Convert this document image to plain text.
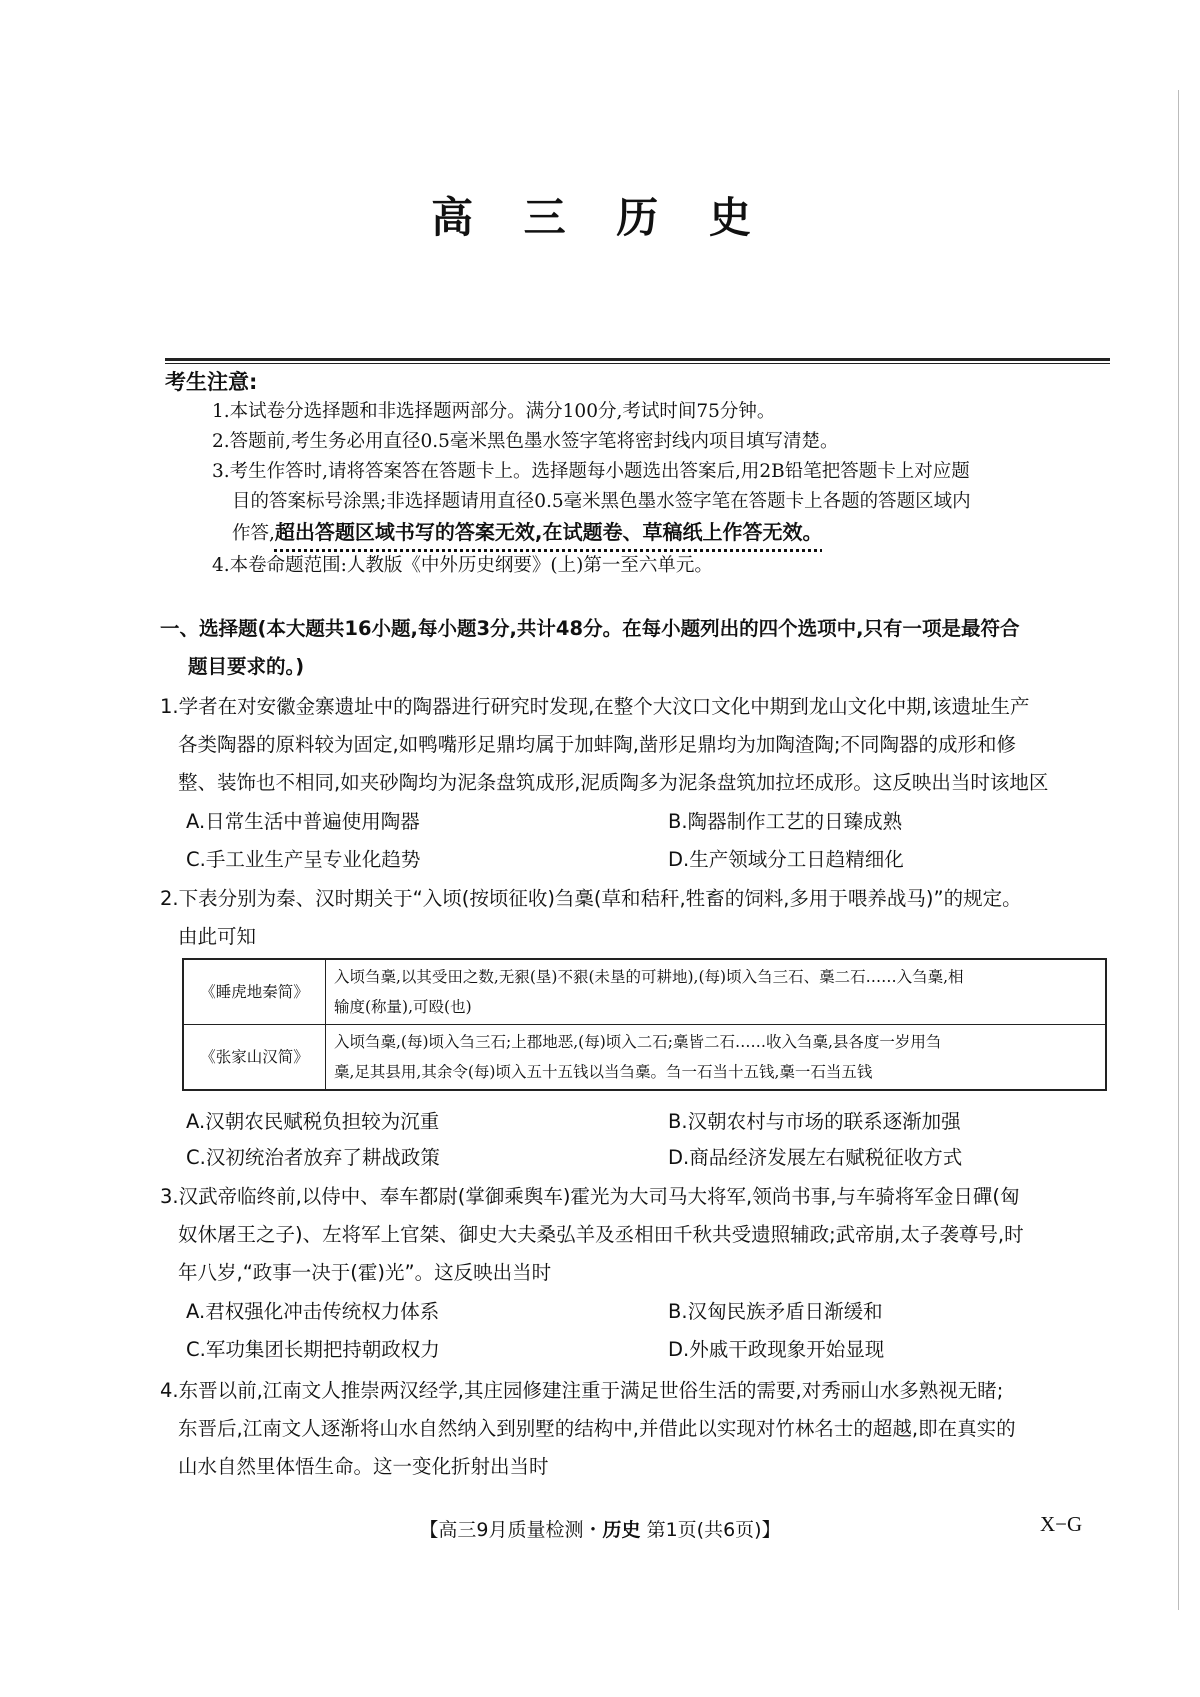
高 三 历 史
考生注意:
1.本试卷分选择题和非选择题两部分。满分100分,考试时间75分钟。
2.答题前,考生务必用直径0.5毫米黑色墨水签字笔将密封线内项目填写清楚。
3.考生作答时,请将答案答在答题卡上。选择题每小题选出答案后,用2B铅笔把答题卡上对应题
目的答案标号涂黑;非选择题请用直径0.5毫米黑色墨水签字笔在答题卡上各题的答题区域内
作答,超出答题区域书写的答案无效,在试题卷、草稿纸上作答无效。
4.本卷命题范围:人教版《中外历史纲要》(上)第一至六单元。
一、选择题(本大题共16小题,每小题3分,共计48分。在每小题列出的四个选项中,只有一项是最符合
题目要求的。)
1.学者在对安徽金寨遗址中的陶器进行研究时发现,在整个大汶口文化中期到龙山文化中期,该遗址生产
各类陶器的原料较为固定,如鸭嘴形足鼎均属于加蚌陶,凿形足鼎均为加陶渣陶;不同陶器的成形和修
整、装饰也不相同,如夹砂陶均为泥条盘筑成形,泥质陶多为泥条盘筑加拉坯成形。这反映出当时该地区
A.日常生活中普遍使用陶器	B.陶器制作工艺的日臻成熟
C.手工业生产呈专业化趋势	D.生产领域分工日趋精细化
2.下表分别为秦、汉时期关于“入顷(按顷征收)刍稾(草和秸秆,牲畜的饲料,多用于喂养战马)”的规定。
由此可知
《睡虎地秦简》	入顷刍稾,以其受田之数,无豤(垦)不豤(未垦的可耕地),(每)顷入刍三石、稾二石……入刍稾,相
输度(称量),可殴(也)

《张家山汉简》	入顷刍稾,(每)顷入刍三石;上郡地恶,(每)顷入二石;稾皆二石……收入刍稾,县各度一岁用刍
稾,足其县用,其余令(每)顷入五十五钱以当刍稾。刍一石当十五钱,稾一石当五钱
A.汉朝农民赋税负担较为沉重	B.汉朝农村与市场的联系逐渐加强
C.汉初统治者放弃了耕战政策	D.商品经济发展左右赋税征收方式
3.汉武帝临终前,以侍中、奉车都尉(掌御乘舆车)霍光为大司马大将军,领尚书事,与车骑将军金日磾(匈
奴休屠王之子)、左将军上官桀、御史大夫桑弘羊及丞相田千秋共受遗照辅政;武帝崩,太子袭尊号,时
年八岁,“政事一决于(霍)光”。这反映出当时
A.君权强化冲击传统权力体系	B.汉匈民族矛盾日渐缓和
C.军功集团长期把持朝政权力	D.外戚干政现象开始显现
4.东晋以前,江南文人推崇两汉经学,其庄园修建注重于满足世俗生活的需要,对秀丽山水多熟视无睹;
东晋后,江南文人逐渐将山水自然纳入到别墅的结构中,并借此以实现对竹林名士的超越,即在真实的
山水自然里体悟生命。这一变化折射出当时
【高三9月质量检测・历史 第1页(共6页)】	X−G
